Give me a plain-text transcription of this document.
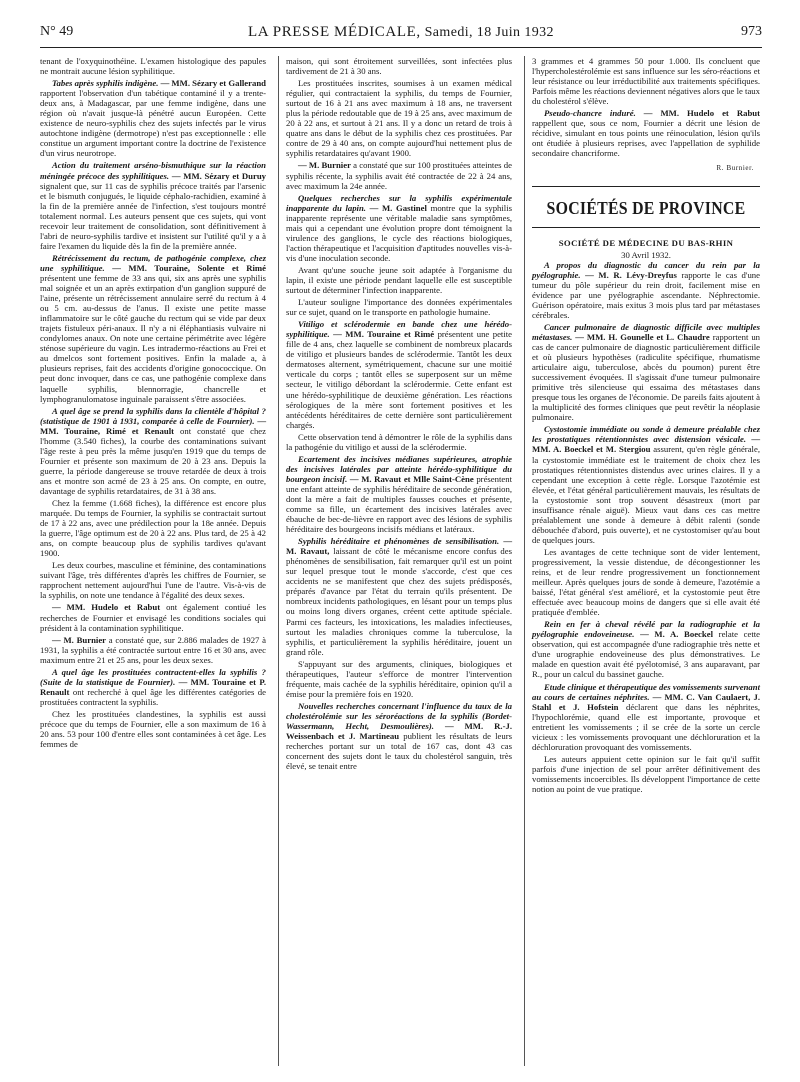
N° 49	LA PRESSE MÉDICALE, Samedi, 18 Juin 1932	973

tenant de l'oxyquinothéine. L'examen histologique des papules ne montrait aucune lésion syphilitique.

Tabes après syphilis indigène. — MM. Sézary et Gallerand rapportent l'observation d'un tabétique contaminé il y a trente-deux ans, à Madagascar, par une femme indigène, dans une région où n'avait jusque-là pénétré aucun Européen. Cette existence de neuro-syphilis chez des sujets infectés par le virus autochtone indigène (dermotrope) n'est pas exceptionnelle : elle constitue un argument important contre la doctrine de l'existence d'un virus neurotrope.

Action du traitement arséno-bismuthique sur la réaction méningée précoce des syphilitiques. — MM. Sézary et Duruy signalent que, sur 11 cas de syphilis précoce traités par l'arsenic et le bismuth conjugués, le liquide céphalo-rachidien, examiné à la fin de la première année de l'infection, s'est toujours montré totalement normal. Les auteurs pensent que ces sujets, qui vont recevoir leur traitement de consolidation, sont définitivement à l'abri de neuro-syphilis tardive et insistent sur l'utilité qu'il y a à faire l'examen du liquide dès la fin de la première année.

Rétrécissement du rectum, de pathogénie complexe, chez une syphilitique. — MM. Touraine, Solente et Rimé présentent une femme de 33 ans qui, six ans après une syphilis mal soignée et un an après extirpation d'un ganglion suppuré de l'aine, présente un rétrécissement annulaire serré du rectum à 4 ou 5 cm. au-dessus de l'anus. Il existe une petite masse inflammatoire sur le côté gauche du rectum qui se vide par deux trajets fistuleux péri-anaux. Il n'y a ni éléphantiasis vulvaire ni condylomes anaux. On note une certaine périmétrite avec légère sténose supérieure du vagin. Les intradermo-réactions au Frei et au dmelcos sont fortement positives. Enfin la malade a, à plusieurs reprises, fait des accidents d'origine gonococcique. On peut donc invoquer, dans ce cas, une pathogénie complexe dans laquelle syphilis, blennorragie, chancrelle et lymphogranulomatose inguinale paraissent s'être associées.

A quel âge se prend la syphilis dans la clientèle d'hôpital ? (statistique de 1901 à 1931, comparée à celle de Fournier). — MM. Touraine, Rimé et Renault ont constaté que chez l'homme (3.540 fiches), la courbe des contaminations suivant l'âge reste à peu près la même jusqu'en 1919 que du temps de Fournier et présente son maximum de 20 à 23 ans. Depuis la guerre, la période dangereuse se trouve retardée de deux à trois ans et montre son acmé de 23 à 25 ans. On compte, en outre, davantage de syphilis retardataires, de 31 à 38 ans.

Chez la femme (1.668 fiches), la différence est encore plus marquée. Du temps de Fournier, la syphilis se contractait surtout de 17 à 22 ans, avec une prédilection pour la 18e année. Depuis la guerre, l'âge optimum est de 20 à 22 ans. Plus tard, de 25 à 42 ans, on compte beaucoup plus de syphilis tardives qu'avant 1900.

Les deux courbes, masculine et féminine, des contaminations suivant l'âge, très différentes d'après les chiffres de Fournier, se rapprochent nettement aujourd'hui l'une de l'autre. Vis-à-vis de la syphilis, on note une tendance à l'égalité des deux sexes.

— MM. Hudelo et Rabut ont également contiué les recherches de Fournier et envisagé les conditions sociales qui président à la contamination syphilitique.

— M. Burnier a constaté que, sur 2.886 malades de 1927 à 1931, la syphilis a été contractée surtout entre 16 et 30 ans, avec maximum entre 21 et 25 ans, pour les deux sexes.

A quel âge les prostituées contractent-elles la syphilis ? (Suite de la statistique de Fournier). — MM. Touraine et P. Renault ont recherché à quel âge les différentes catégories de prostituées contractent la syphilis.

Chez les prostituées clandestines, la syphilis est aussi précoce que du temps de Fournier, elle a son maximum de 16 à 20 ans. 53 pour 100 d'entre elles sont contaminées à cet âge. Les femmes de

maison, qui sont étroitement surveillées, sont infectées plus tardivement de 21 à 30 ans.

Les prostituées inscrites, soumises à un examen médical régulier, qui contractaient la syphilis, du temps de Fournier, surtout de 16 à 21 ans avec maximum à 18 ans, ne traversent plus la période redoutable que de 19 à 25 ans, avec maximum de 20 à 22 ans, et surtout à 21 ans. Il y a donc un retard de trois à quatre ans dans le début de la syphilis chez ces prostituées. Par contre de 29 à 40 ans, on compte aujourd'hui nettement plus de syphilis retardataires qu'avant 1900.

— M. Burnier a constaté que sur 100 prostituées atteintes de syphilis récente, la syphilis avait été contractée de 22 à 24 ans, avec maximum la 24e année.

Quelques recherches sur la syphilis expérimentale inapparente du lapin. — M. Gastinel montre que la syphilis inapparente représente une véritable maladie sans symptômes, mais qui a cependant une évolution propre dont témoignent la virulence des ganglions, le cycle des réactions biologiques, l'action thérapeutique et l'acquisition d'aptitudes nouvelles vis-à-vis d'une inoculation seconde.

Avant qu'une souche jeune soit adaptée à l'organisme du lapin, il existe une période pendant laquelle elle est susceptible surtout de déterminer l'infection inapparente.

L'auteur souligne l'importance des données expérimentales sur ce sujet, quand on le transporte en pathologie humaine.

Vitiligo et sclérodermie en bande chez une hérédo-syphilitique. — MM. Touraine et Rimé présentent une petite fille de 4 ans, chez laquelle se combinent de nombreux placards de vitiligo et plusieurs bandes de sclérodermie. Tantôt les deux dermatoses alternent, symétriquement, chacune sur une moitié verticale du corps ; tantôt elles se superposent sur un même secteur, le vitiligo débordant la sclérodermie. Cette enfant est une hérédo-syphilitique de deuxième génération. Les réactions sérologiques de la mère sont fortement positives et les antécédents héréditaires de cette dernière sont particulièrement chargés.

Cette observation tend à démontrer le rôle de la syphilis dans la pathogénie du vitiligo et aussi de la sclérodermie.

Ecartement des incisives médianes supérieures, atrophie des incisives latérales par atteinte hérédo-syphilitique du bourgeon incisif. — M. Ravaut et Mlle Saint-Cène présentent une enfant atteinte de syphilis héréditaire de seconde génération, dont la mère a fait de multiples fausses couches et présente, comme sa fille, un écartement des incisives latérales avec ébauche de bec-de-lièvre en rapport avec des lésions de syphilis héréditaire des bourgeons incisifs médians et latéraux.

Syphilis héréditaire et phénomènes de sensibilisation. — M. Ravaut, laissant de côté le mécanisme encore confus des phénomènes de sensibilisation, fait remarquer qu'il est un point sur lequel presque tout le monde s'accorde, c'est que ces accidents ne se manifestent que chez des sujets prédisposés, préparés d'avance par l'état du terrain qu'ils présentent. De nombreux incidents pathologiques, en lésant pour un temps plus ou moins long divers organes, créent cette aptitude spéciale. Parmi ces facteurs, les intoxications, les maladies infectieuses, surtout les maladies chroniques comme la tuberculose, la syphilis, et particulièrement la syphilis héréditaire, jouent un grand rôle.

S'appuyant sur des arguments, cliniques, biologiques et thérapeutiques, l'auteur s'efforce de montrer l'intervention fréquente, mais cachée de la syphilis héréditaire, opinion qu'il a émise pour la première fois en 1920.

Nouvelles recherches concernant l'influence du taux de la cholestérolémie sur les séroréactions de la syphilis (Bordet-Wassermann, Hecht, Desmoulières). — MM. R.-J. Weissenbach et J. Martineau publient les résultats de leurs recherches portant sur un total de 167 cas, dont 43 cas concernent des sujets dont le taux du cholestérol sanguin, très élevé, se tenait entre

3 grammes et 4 grammes 50 pour 1.000. Ils concluent que l'hypercholestérolémie est sans influence sur les séro-réactions et leur résistance ou leur irréductibilité aux traitements spécifiques. Parfois même les réactions deviennent négatives alors que le taux du cholestérol s'élève.

Pseudo-chancre induré. — MM. Hudelo et Rabut rappellent que, sous ce nom, Fournier a décrit une lésion de récidive, simulant en tous points une réinoculation, lésion qu'ils ont étudiée à plusieurs reprises, avec l'appellation de syphilide secondaire chancriforme.

R. Burnier.

SOCIÉTÉS DE PROVINCE

SOCIÉTÉ DE MÉDECINE DU BAS-RHIN

30 Avril 1932.

A propos du diagnostic du cancer du rein par la pyélographie. — M. R. Lévy-Dreyfus rapporte le cas d'une tumeur du pôle supérieur du rein droit, facilement mise en évidence par une pyélographie ascendante. Néphrectomie. Guérison opératoire, mais exitus 3 mois plus tard par métastases cérébrales.

Cancer pulmonaire de diagnostic difficile avec multiples métastases. — MM. H. Gounelle et L. Chaudre rapportent un cas de cancer pulmonaire de diagnostic particulièrement difficile et où plusieurs hypothèses (radiculite spécifique, rhumatisme articulaire aigu, tuberculose, abcès du poumon) purent être successivement évoquées. Il s'agissait d'une tumeur pulmonaire primitive très silencieuse qui essaima des métastases dans presque tous les organes de l'économie. De pareils faits ajoutent à la multiplicité des formes cliniques que peut revêtir la néoplasie pulmonaire.

Cystostomie immédiate ou sonde à demeure préalable chez les prostatiques rétentionnistes avec distension vésicale. — MM. A. Boeckel et M. Stergiou assurent, qu'en règle générale, la cystostomie immédiate est le traitement de choix chez les prostatiques rétentionnistes distendus avec urines claires. Il y a cependant une exception à cette règle. Lorsque l'azotémie est élevée, et l'état général particulièrement mauvais, les résultats de la cystostomie sont trop souvent désastreux (mort par insuffisance rénale aiguë). Mieux vaut dans ces cas mettre préalablement une sonde à demeure à débit ralenti (sonde débouchée d'abord, puis ouverte), et ne cystostomiser qu'au bout de quelques jours.

Les avantages de cette technique sont de vider lentement, progressivement, la vessie distendue, de décongestionner les reins, et de leur rendre progressivement un fonctionnement meilleur. Après quelques jours de sonde à demeure, l'azotémie a baissé, l'état général s'est amélioré, et la cystostomie peut être effectuée avec beaucoup moins de dangers que si elle avait été pratiquée d'emblée.

Rein en fer à cheval révélé par la radiographie et la pyélographie endoveineuse. — M. A. Boeckel relate cette observation, qui est accompagnée d'une radiographie très nette et d'une urographie endoveineuse des plus démonstratives. Le malade en question avait été pyélotomisé, 3 ans auparavant, par R., pour un calcul du bassinet gauche.

Etude clinique et thérapeutique des vomissements survenant au cours de certaines néphrites. — MM. C. Van Caulaert, J. Stahl et J. Hofstein déclarent que dans les néphrites, l'hypochlorémie, quand elle est importante, provoque et entretient les vomissements ; il se crée de la sorte un cercle vicieux : les vomissements provoquant une déchloruration et la déchloruration provoquant des vomissements.

Les auteurs appuient cette opinion sur le fait qu'il suffit parfois d'une injection de sel pour arrêter définitivement des vomissements incoercibles. Ils développent l'importance de cette notion au point de vue pratique.
